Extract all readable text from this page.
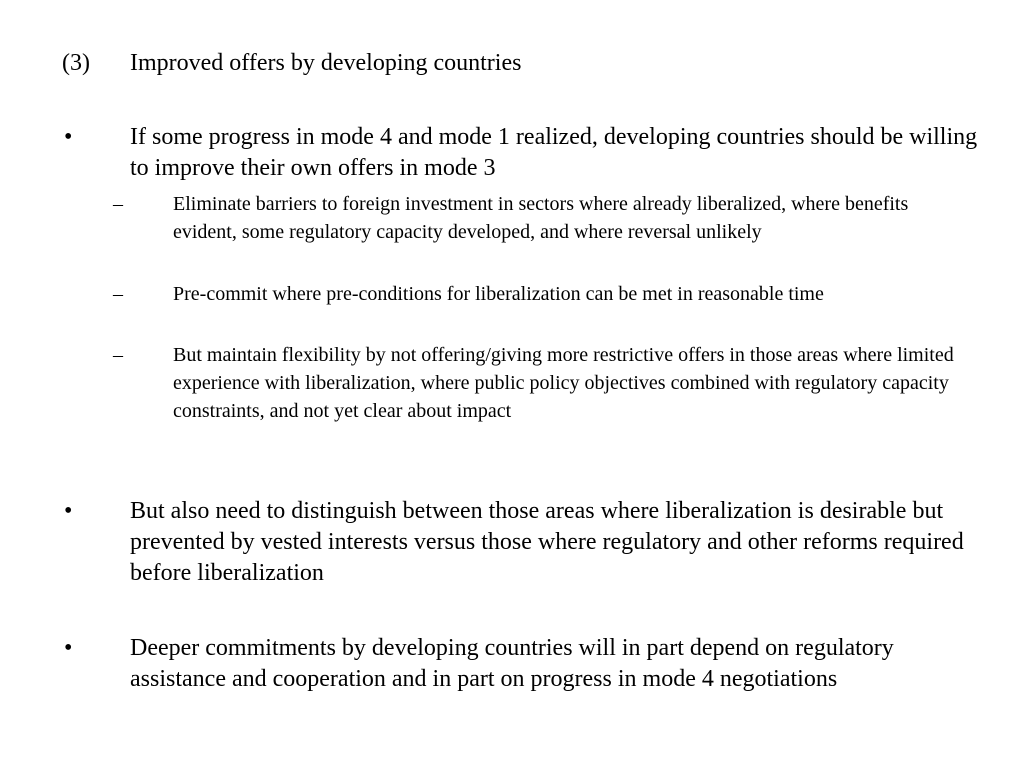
(3) Improved offers by developing countries
• If some progress in mode 4 and mode 1 realized, developing countries should be willing to improve their own offers in mode 3
–	Eliminate barriers to foreign investment in sectors where already liberalized, where benefits evident, some regulatory capacity developed, and where reversal unlikely
–	Pre-commit where pre-conditions for liberalization can be met in reasonable time
–	But maintain flexibility by not offering/giving more restrictive offers in those areas where limited experience with liberalization, where public policy objectives combined with regulatory capacity constraints, and not yet clear about impact
• But also need to distinguish between those areas where liberalization is desirable but prevented by vested interests versus those where regulatory and other reforms required before liberalization
• Deeper commitments by developing countries will in part depend on regulatory assistance and cooperation and in part on progress in mode 4 negotiations
